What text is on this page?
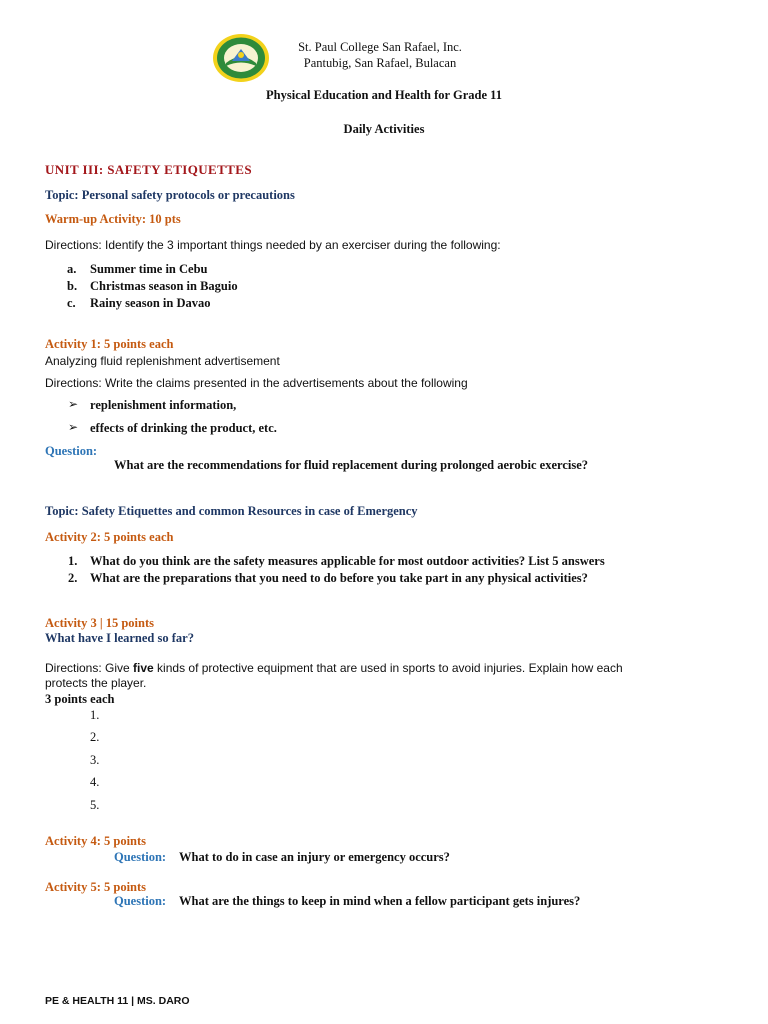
St. Paul College San Rafael, Inc.
Pantubig, San Rafael, Bulacan
Physical Education and Health for Grade 11
Daily Activities
UNIT III: SAFETY ETIQUETTES
Topic: Personal safety protocols or precautions
Warm-up Activity: 10 pts
Directions: Identify the 3 important things needed by an exerciser during the following:
a. Summer time in Cebu
b. Christmas season in Baguio
c. Rainy season in Davao
Activity 1: 5 points each
Analyzing fluid replenishment advertisement
Directions: Write the claims presented in the advertisements about the following
➢ replenishment information,
➢ effects of drinking the product, etc.
Question:
What are the recommendations for fluid replacement during prolonged aerobic exercise?
Topic: Safety Etiquettes and common Resources in case of Emergency
Activity 2: 5 points each
1. What do you think are the safety measures applicable for most outdoor activities? List 5 answers
2. What are the preparations that you need to do before you take part in any physical activities?
Activity 3 | 15 points
What have I learned so far?
Directions: Give five kinds of protective equipment that are used in sports to avoid injuries. Explain how each
protects the player.
3 points each
1.
2.
3.
4.
5.
Activity 4: 5 points
Question: What to do in case an injury or emergency occurs?
Activity 5: 5 points
Question: What are the things to keep in mind when a fellow participant gets injures?
PE & HEALTH 11 | MS. DARO
